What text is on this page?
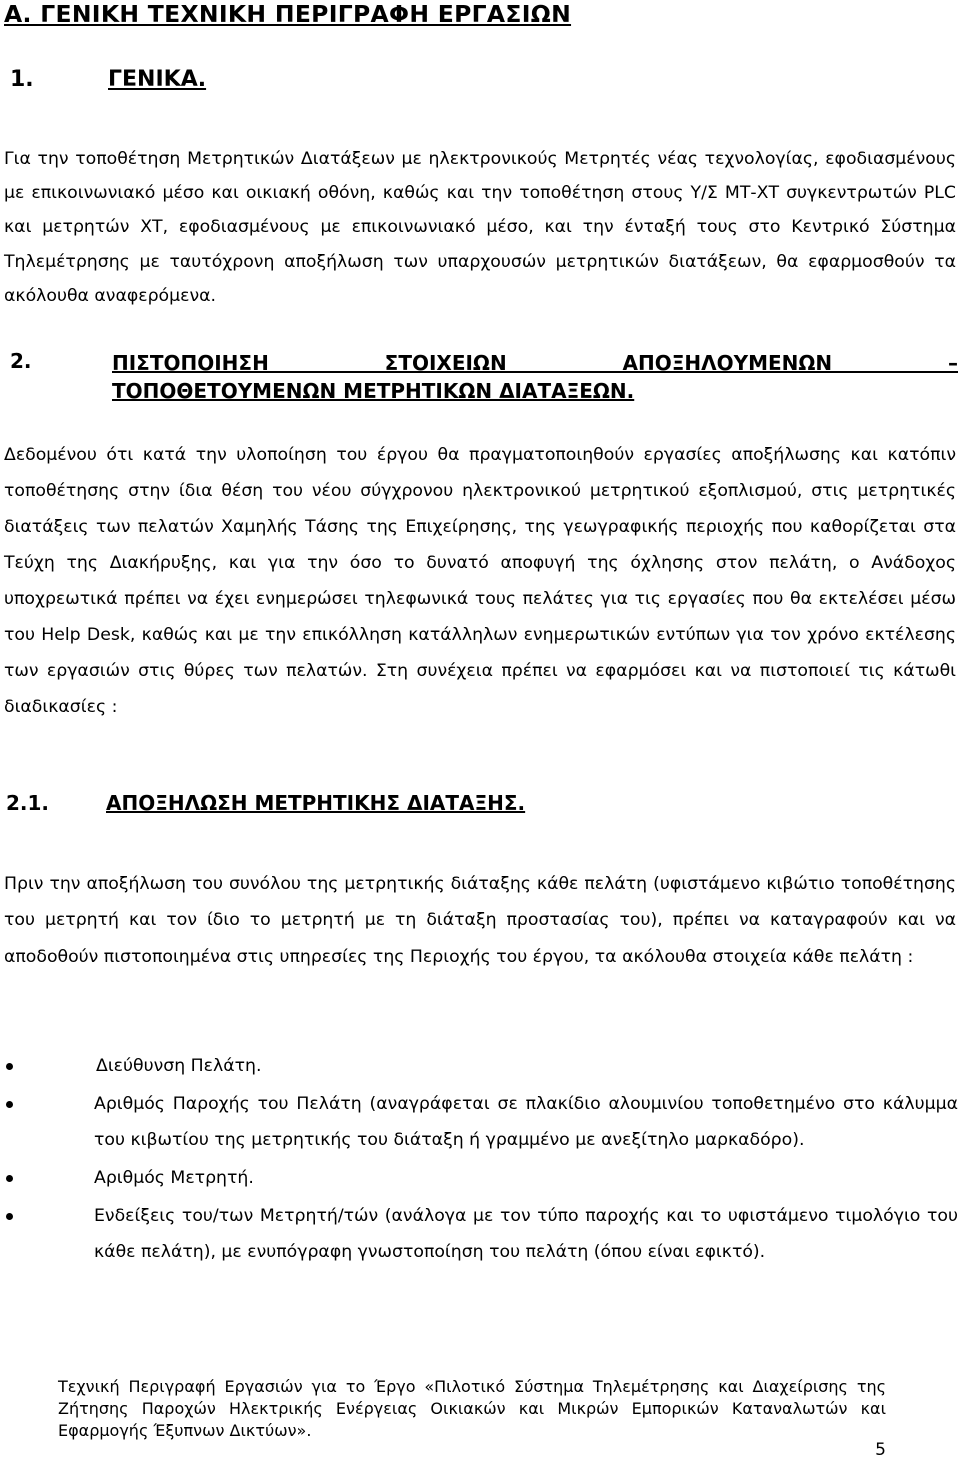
Α. ΓΕΝΙΚΗ ΤΕΧΝΙΚΗ ΠΕΡΙΓΡΑΦΗ ΕΡΓΑΣΙΩΝ
1.	ΓΕΝΙΚΑ.

Για την τοποθέτηση Μετρητικών Διατάξεων με ηλεκτρονικούς Μετρητές νέας τεχνολογίας, εφοδιασμένους με επικοινωνιακό μέσο και οικιακή οθόνη, καθώς και την τοποθέτηση στους Υ/Σ ΜΤ-ΧΤ συγκεντρωτών PLC και μετρητών ΧΤ, εφοδιασμένους με επικοινωνιακό μέσο, και την ένταξή τους στο Κεντρικό Σύστημα Τηλεμέτρησης με ταυτόχρονη αποξήλωση των υπαρχουσών μετρητικών διατάξεων, θα εφαρμοσθούν τα ακόλουθα αναφερόμενα.

2.	ΠΙΣΤΟΠΟΙΗΣΗ ΣΤΟΙΧΕΙΩΝ ΑΠΟΞΗΛΟΥΜΕΝΩΝ –
ΤΟΠΟΘΕΤΟΥΜΕΝΩΝ ΜΕΤΡΗΤΙΚΩΝ ΔΙΑΤΑΞΕΩΝ.

Δεδομένου ότι κατά την υλοποίηση του έργου θα πραγματοποιηθούν εργασίες αποξήλωσης και κατόπιν τοποθέτησης στην ίδια θέση του νέου σύγχρονου ηλεκτρονικού μετρητικού εξοπλισμού, στις μετρητικές διατάξεις των πελατών Χαμηλής Τάσης της Επιχείρησης, της γεωγραφικής περιοχής που καθορίζεται στα Τεύχη της Διακήρυξης, και για την όσο το δυνατό αποφυγή της όχλησης στον πελάτη, ο Ανάδοχος υποχρεωτικά πρέπει να έχει ενημερώσει τηλεφωνικά τους πελάτες για τις εργασίες που θα εκτελέσει μέσω του Help Desk, καθώς και με την επικόλληση κατάλληλων ενημερωτικών εντύπων για τον χρόνο εκτέλεσης των εργασιών στις θύρες των πελατών. Στη συνέχεια πρέπει να εφαρμόσει και να πιστοποιεί τις κάτωθι διαδικασίες :

2.1.	ΑΠΟΞΗΛΩΣΗ ΜΕΤΡΗΤΙΚΗΣ ΔΙΑΤΑΞΗΣ.

Πριν την αποξήλωση του συνόλου της μετρητικής διάταξης κάθε πελάτη (υφιστάμενο κιβώτιο τοποθέτησης του μετρητή και τον ίδιο το μετρητή με τη διάταξη προστασίας του), πρέπει να καταγραφούν και να αποδοθούν πιστοποιημένα στις υπηρεσίες της Περιοχής του έργου, τα ακόλουθα στοιχεία κάθε πελάτη :

Διεύθυνση Πελάτη.
Αριθμός Παροχής του Πελάτη (αναγράφεται σε πλακίδιο αλουμινίου τοποθετημένο στο κάλυμμα του κιβωτίου της μετρητικής του διάταξη ή γραμμένο με ανεξίτηλο μαρκαδόρο).
Αριθμός Μετρητή.
Ενδείξεις του/των Μετρητή/τών (ανάλογα με τον τύπο παροχής και το υφιστάμενο τιμολόγιο του κάθε πελάτη), με ενυπόγραφη γνωστοποίηση του πελάτη (όπου είναι εφικτό).
Τεχνική Περιγραφή Εργασιών για το Έργο «Πιλοτικό Σύστημα Τηλεμέτρησης και Διαχείρισης της Ζήτησης Παροχών Ηλεκτρικής Ενέργειας Οικιακών και Μικρών Εμπορικών Καταναλωτών και Εφαρμογής Έξυπνων Δικτύων».
5
